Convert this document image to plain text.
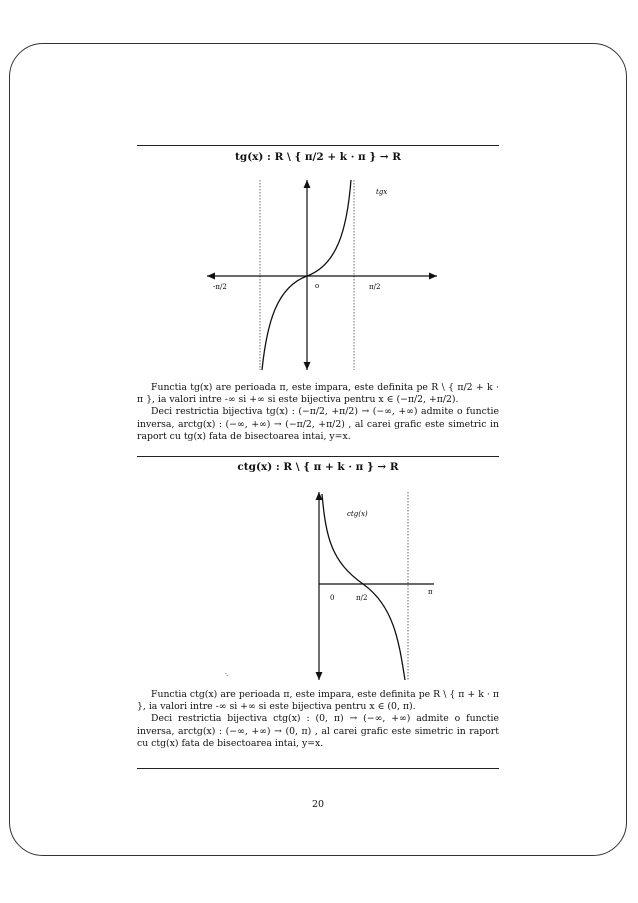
tg(x) : R \ { π/2 + k · π } → R
tgx
-π/2	o	π/2

Functia tg(x) are perioada π, este impara, este definita pe R \ { π/2 + k · π }, ia valori intre -∞ si +∞ si este bijectiva pentru x ∈ (−π/2, +π/2).

Deci restrictia bijectiva tg(x) : (−π/2, +π/2) → (−∞, +∞) admite o functie inversa, arctg(x) : (−∞, +∞) → (−π/2, +π/2) , al carei grafic este simetric in raport cu tg(x) fata de bisectoarea intai, y=x.

ctg(x) : R \ { π + k · π } → R
ctg(x)
0	π/2
π
·.

Functia ctg(x) are perioada π, este impara, este definita pe R \ { π + k · π }, ia valori intre -∞ si +∞ si este bijectiva pentru x ∈ (0, π).

Deci restrictia bijectiva ctg(x) : (0, π) → (−∞, +∞) admite o functie inversa, arctg(x) : (−∞, +∞) → (0, π) , al carei grafic este simetric in raport cu ctg(x) fata de bisectoarea intai, y=x.

20
